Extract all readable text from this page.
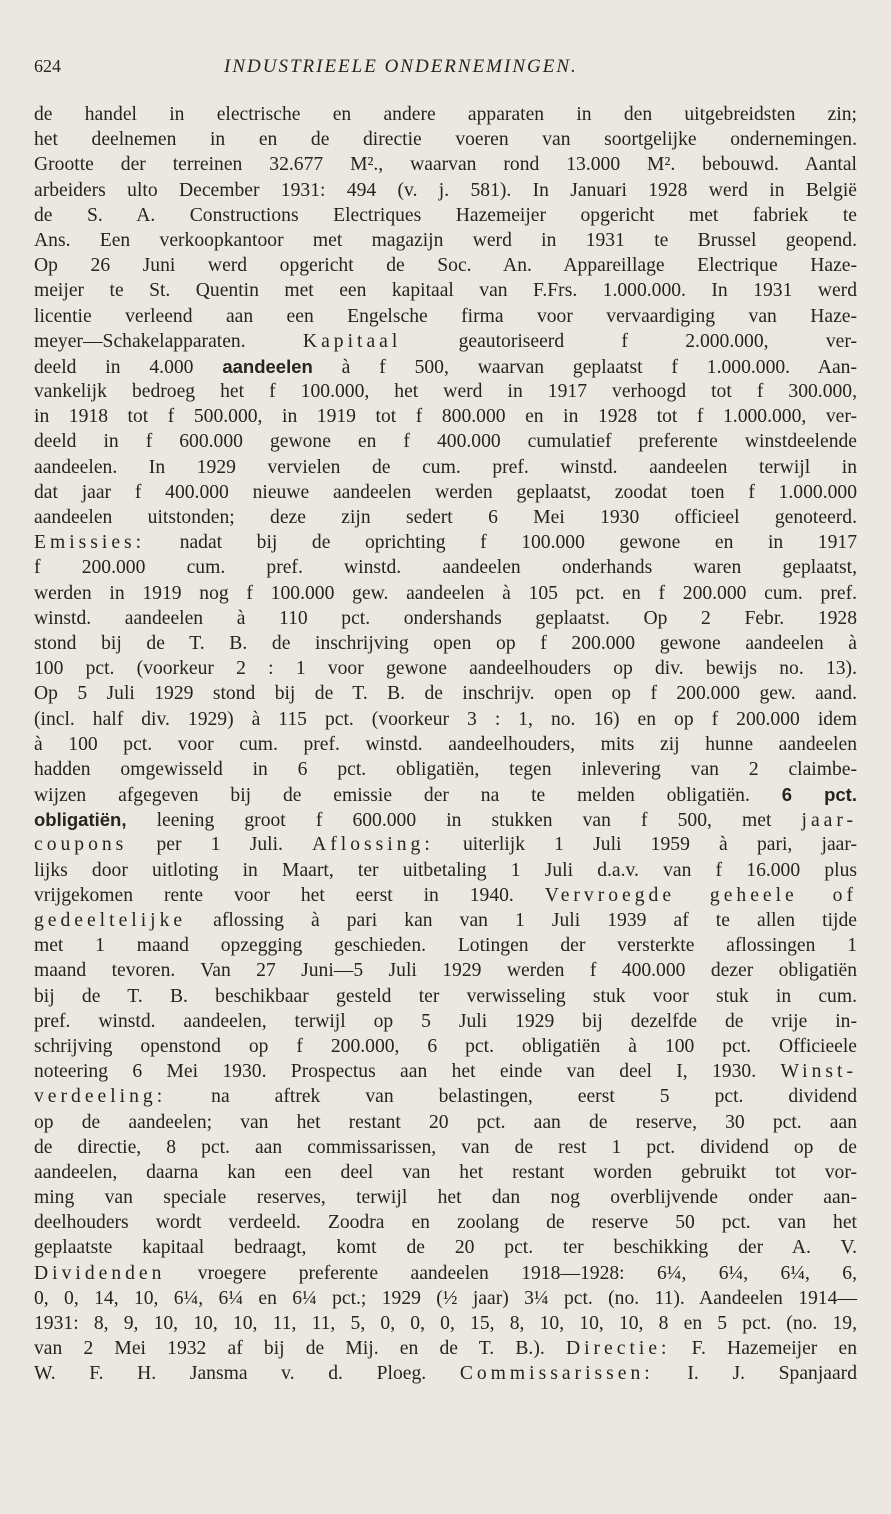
624	INDUSTRIEELE ONDERNEMINGEN.
de handel in electrische en andere apparaten in den uitgebreidsten zin;
het deelnemen in en de directie voeren van soortgelijke ondernemingen.
Grootte der terreinen 32.677 M²., waarvan rond 13.000 M². bebouwd. Aantal
arbeiders ulto December 1931: 494 (v. j. 581). In Januari 1928 werd in België
de S. A. Constructions Electriques Hazemeijer opgericht met fabriek te
Ans. Een verkoopkantoor met magazijn werd in 1931 te Brussel geopend.
Op 26 Juni werd opgericht de Soc. An. Appareillage Electrique Haze-
meijer te St. Quentin met een kapitaal van F.Frs. 1.000.000. In 1931 werd
licentie verleend aan een Engelsche firma voor vervaardiging van Haze-
meyer—Schakelapparaten. Kapitaal geautoriseerd f 2.000.000, ver-
deeld in 4.000 aandeelen à f 500, waarvan geplaatst f 1.000.000. Aan-
vankelijk bedroeg het f 100.000, het werd in 1917 verhoogd tot f 300.000,
in 1918 tot f 500.000, in 1919 tot f 800.000 en in 1928 tot f 1.000.000, ver-
deeld in f 600.000 gewone en f 400.000 cumulatief preferente winstdeelende
aandeelen. In 1929 vervielen de cum. pref. winstd. aandeelen terwijl in
dat jaar f 400.000 nieuwe aandeelen werden geplaatst, zoodat toen f 1.000.000
aandeelen uitstonden; deze zijn sedert 6 Mei 1930 officieel genoteerd.
Emissies: nadat bij de oprichting f 100.000 gewone en in 1917
f 200.000 cum. pref. winstd. aandeelen onderhands waren geplaatst,
werden in 1919 nog f 100.000 gew. aandeelen à 105 pct. en f 200.000 cum. pref.
winstd. aandeelen à 110 pct. ondershands geplaatst. Op 2 Febr. 1928
stond bij de T. B. de inschrijving open op f 200.000 gewone aandeelen à
100 pct. (voorkeur 2 : 1 voor gewone aandeelhouders op div. bewijs no. 13).
Op 5 Juli 1929 stond bij de T. B. de inschrijv. open op f 200.000 gew. aand.
(incl. half div. 1929) à 115 pct. (voorkeur 3 : 1, no. 16) en op f 200.000 idem
à 100 pct. voor cum. pref. winstd. aandeelhouders, mits zij hunne aandeelen
hadden omgewisseld in 6 pct. obligatiën, tegen inlevering van 2 claimbe-
wijzen afgegeven bij de emissie der na te melden obligatiën. 6 pct.
obligatiën, leening groot f 600.000 in stukken van f 500, met jaar-
coupons per 1 Juli. Aflossing: uiterlijk 1 Juli 1959 à pari, jaar-
lijks door uitloting in Maart, ter uitbetaling 1 Juli d.a.v. van f 16.000 plus
vrijgekomen rente voor het eerst in 1940. Vervroegde geheele of
gedeeltelijke aflossing à pari kan van 1 Juli 1939 af te allen tijde
met 1 maand opzegging geschieden. Lotingen der versterkte aflossingen 1
maand tevoren. Van 27 Juni—5 Juli 1929 werden f 400.000 dezer obligatiën
bij de T. B. beschikbaar gesteld ter verwisseling stuk voor stuk in cum.
pref. winstd. aandeelen, terwijl op 5 Juli 1929 bij dezelfde de vrije in-
schrijving openstond op f 200.000, 6 pct. obligatiën à 100 pct. Officieele
noteering 6 Mei 1930. Prospectus aan het einde van deel I, 1930. Winst-
verdeeling: na aftrek van belastingen, eerst 5 pct. dividend
op de aandeelen; van het restant 20 pct. aan de reserve, 30 pct. aan
de directie, 8 pct. aan commissarissen, van de rest 1 pct. dividend op de
aandeelen, daarna kan een deel van het restant worden gebruikt tot vor-
ming van speciale reserves, terwijl het dan nog overblijvende onder aan-
deelhouders wordt verdeeld. Zoodra en zoolang de reserve 50 pct. van het
geplaatste kapitaal bedraagt, komt de 20 pct. ter beschikking der A. V.
Dividenden vroegere preferente aandeelen 1918—1928: 6¼, 6¼, 6¼, 6,
0, 0, 14, 10, 6¼, 6¼ en 6¼ pct.; 1929 (½ jaar) 3¼ pct. (no. 11). Aandeelen 1914—
1931: 8, 9, 10, 10, 10, 11, 11, 5, 0, 0, 0, 15, 8, 10, 10, 10, 8 en 5 pct. (no. 19,
van 2 Mei 1932 af bij de Mij. en de T. B.). Directie: F. Hazemeijer en
W. F. H. Jansma v. d. Ploeg. Commissarissen: I. J. Spanjaard
